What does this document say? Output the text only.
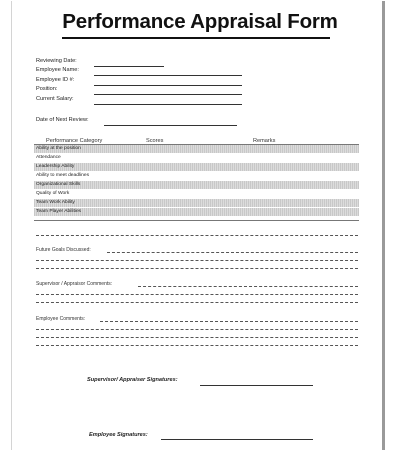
Performance Appraisal Form
Reviewing Date:
Employee Name:
Employee ID #:
Position:
Current Salary:
Date of Next Review:
Performance Category	Scores	Remarks
Ability at the position
Attendance
Leadership Ability
Ability to meet deadlines
Organizational Skills
Quality of Work
Team Work Ability
Team Player Abilities
Future Goals Discussed:
Supervisor / Appraisor Comments:
Employee Comments:
Supervisor/ Appraiser Signatures:
Employee Signatures:
